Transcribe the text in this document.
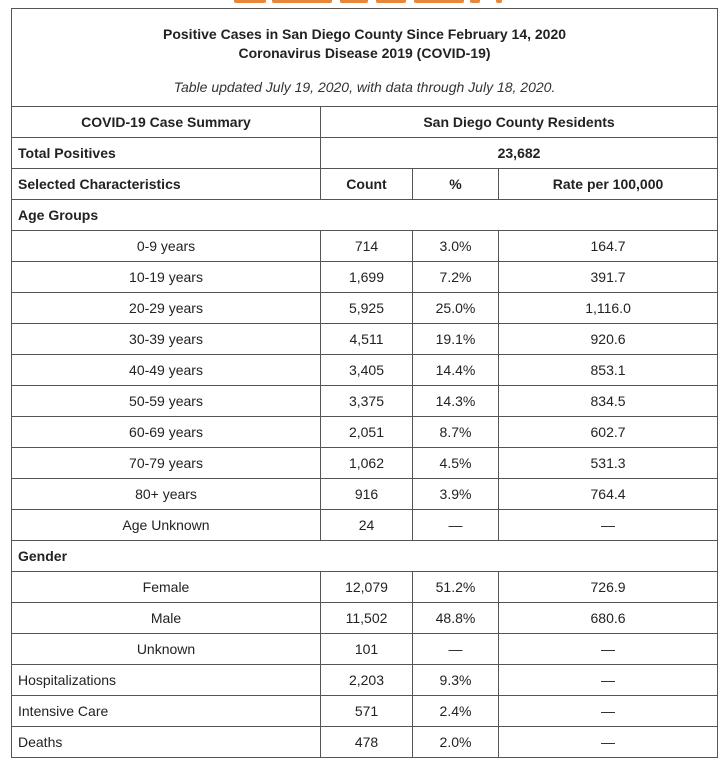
Positive Cases in San Diego County Since February 14, 2020
Coronavirus Disease 2019 (COVID-19)
Table updated July 19, 2020, with data through July 18, 2020.			

COVID-19 Case Summary	San Diego County Residents		
Total Positives	23,682		
Selected Characteristics	Count	%	Rate per 100,000
Age Groups			
0-9 years	714	3.0%	164.7
10-19 years	1,699	7.2%	391.7
20-29 years	5,925	25.0%	1,116.0
30-39 years	4,511	19.1%	920.6
40-49 years	3,405	14.4%	853.1
50-59 years	3,375	14.3%	834.5
60-69 years	2,051	8.7%	602.7
70-79 years	1,062	4.5%	531.3
80+ years	916	3.9%	764.4
Age Unknown	24	—	—
Gender			
Female	12,079	51.2%	726.9
Male	11,502	48.8%	680.6
Unknown	101	—	—
Hospitalizations	2,203	9.3%	—
Intensive Care	571	2.4%	—
Deaths	478	2.0%	—
